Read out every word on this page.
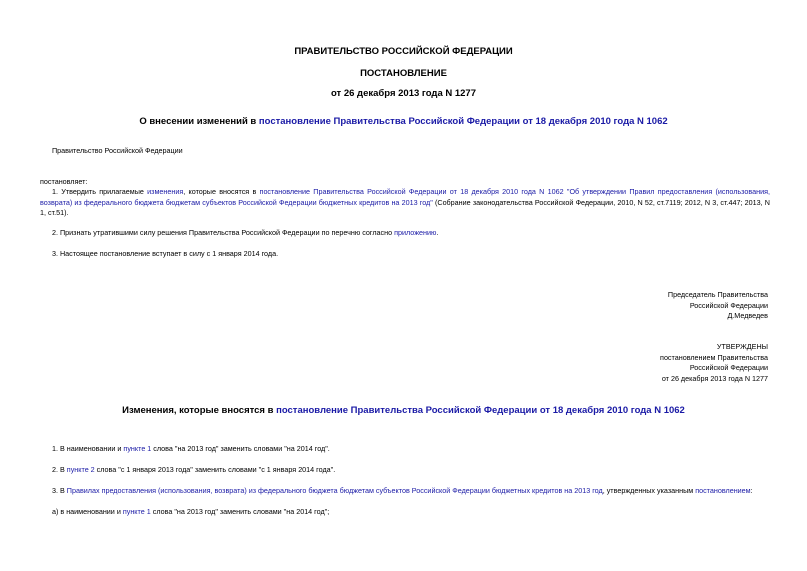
ПРАВИТЕЛЬСТВО РОССИЙСКОЙ ФЕДЕРАЦИИ
ПОСТАНОВЛЕНИЕ
от 26 декабря 2013 года N 1277
О внесении изменений в постановление Правительства Российской Федерации от 18 декабря 2010 года N 1062
Правительство Российской Федерации
постановляет:
1. Утвердить прилагаемые изменения, которые вносятся в постановление Правительства Российской Федерации от 18 декабря 2010 года N 1062 "Об утверждении Правил предоставления (использования, возврата) из федерального бюджета бюджетам субъектов Российской Федерации бюджетных кредитов на 2013 год" (Собрание законодательства Российской Федерации, 2010, N 52, ст.7119; 2012, N 3, ст.447; 2013, N 1, ст.51).
2. Признать утратившими силу решения Правительства Российской Федерации по перечню согласно приложению.
3. Настоящее постановление вступает в силу с 1 января 2014 года.
Председатель Правительства
Российской Федерации
Д.Медведев
УТВЕРЖДЕНЫ
постановлением Правительства
Российской Федерации
от 26 декабря 2013 года N 1277
Изменения, которые вносятся в постановление Правительства Российской Федерации от 18 декабря 2010 года N 1062
1. В наименовании и пункте 1 слова "на 2013 год" заменить словами "на 2014 год".
2. В пункте 2 слова "с 1 января 2013 года" заменить словами "с 1 января 2014 года".
3. В Правилах предоставления (использования, возврата) из федерального бюджета бюджетам субъектов Российской Федерации бюджетных кредитов на 2013 год, утвержденных указанным постановлением:
а) в наименовании и пункте 1 слова "на 2013 год" заменить словами "на 2014 год";
